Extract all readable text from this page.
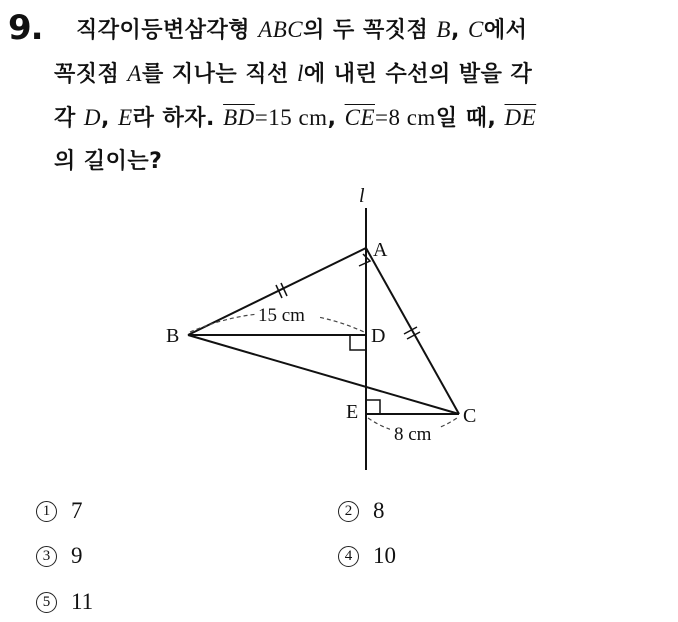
9.	직각이등변삼각형 ABC의 두 꼭짓점 B, C에서
꼭짓점 A를 지나는 직선 l에 내린 수선의 발을 각
각 D, E라 하자. $\overline{BD}=15$ cm, $\overline{CE}=8$ cm일 때, $\overline{DE}$
의 길이는?
l
A
B
C
D
E
15 cm
8 cm
1 7	2 8
3 9	4 10
5 11
